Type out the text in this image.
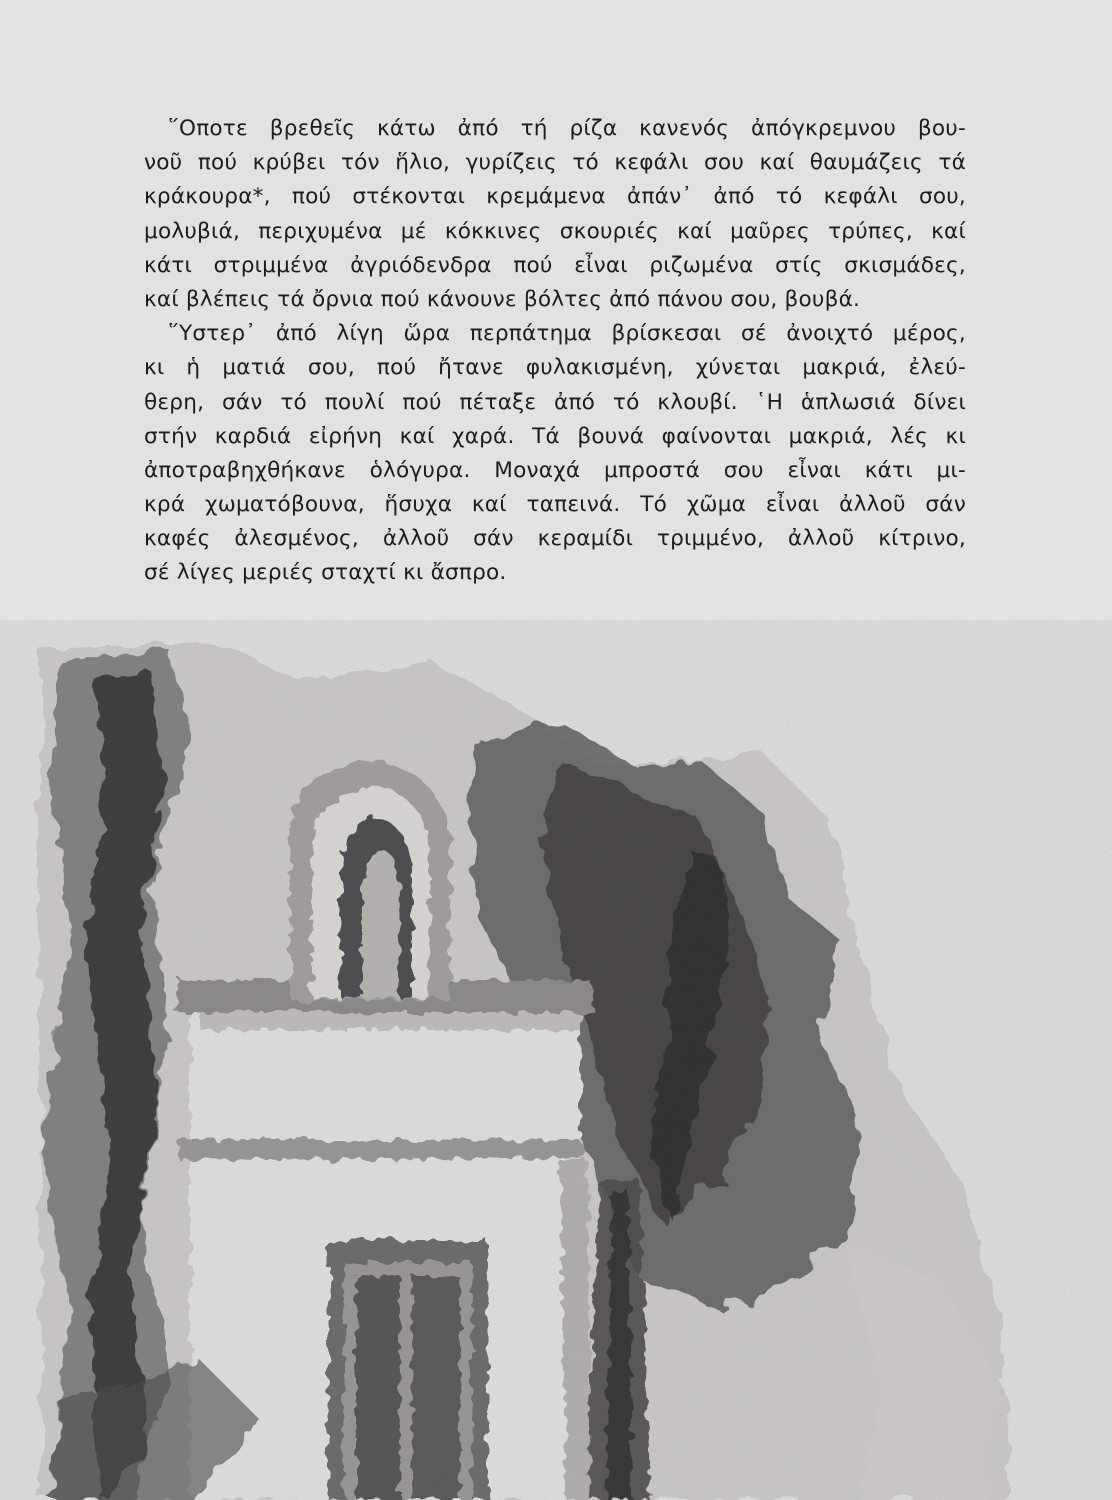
῞Οποτε βρεθεῖς κάτω ἀπό τή ρίζα κανενός ἀπόγκρεμνου βου-
νοῦ πού κρύβει τόν ἥλιο, γυρίζεις τό κεφάλι σου καί θαυμάζεις τά
κράκουρα*, πού στέκονται κρεμάμενα ἀπάν᾿ ἀπό τό κεφάλι σου,
μολυβιά, περιχυμένα μέ κόκκινες σκουριές καί μαῦρες τρύπες, καί
κάτι στριμμένα ἀγριόδενδρα πού εἶναι ριζωμένα στίς σκισμάδες,
καί βλέπεις τά ὄρνια πού κάνουνε βόλτες ἀπό πάνου σου, βουβά.
῞Υστερ᾿ ἀπό λίγη ὥρα περπάτημα βρίσκεσαι σέ ἀνοιχτό μέρος,
κι ἡ ματιά σου, πού ἤτανε φυλακισμένη, χύνεται μακριά, ἐλεύ-
θερη, σάν τό πουλί πού πέταξε ἀπό τό κλουβί. ῾Η ἁπλωσιά δίνει
στήν καρδιά εἰρήνη καί χαρά. Τά βουνά φαίνονται μακριά, λές κι
ἀποτραβηχθήκανε ὁλόγυρα. Μοναχά μπροστά σου εἶναι κάτι μι-
κρά χωματόβουνα, ἥσυχα καί ταπεινά. Τό χῶμα εἶναι ἀλλοῦ σάν
καφές ἀλεσμένος, ἀλλοῦ σάν κεραμίδι τριμμένο, ἀλλοῦ κίτρινο,
σέ λίγες μεριές σταχτί κι ἄσπρο.
